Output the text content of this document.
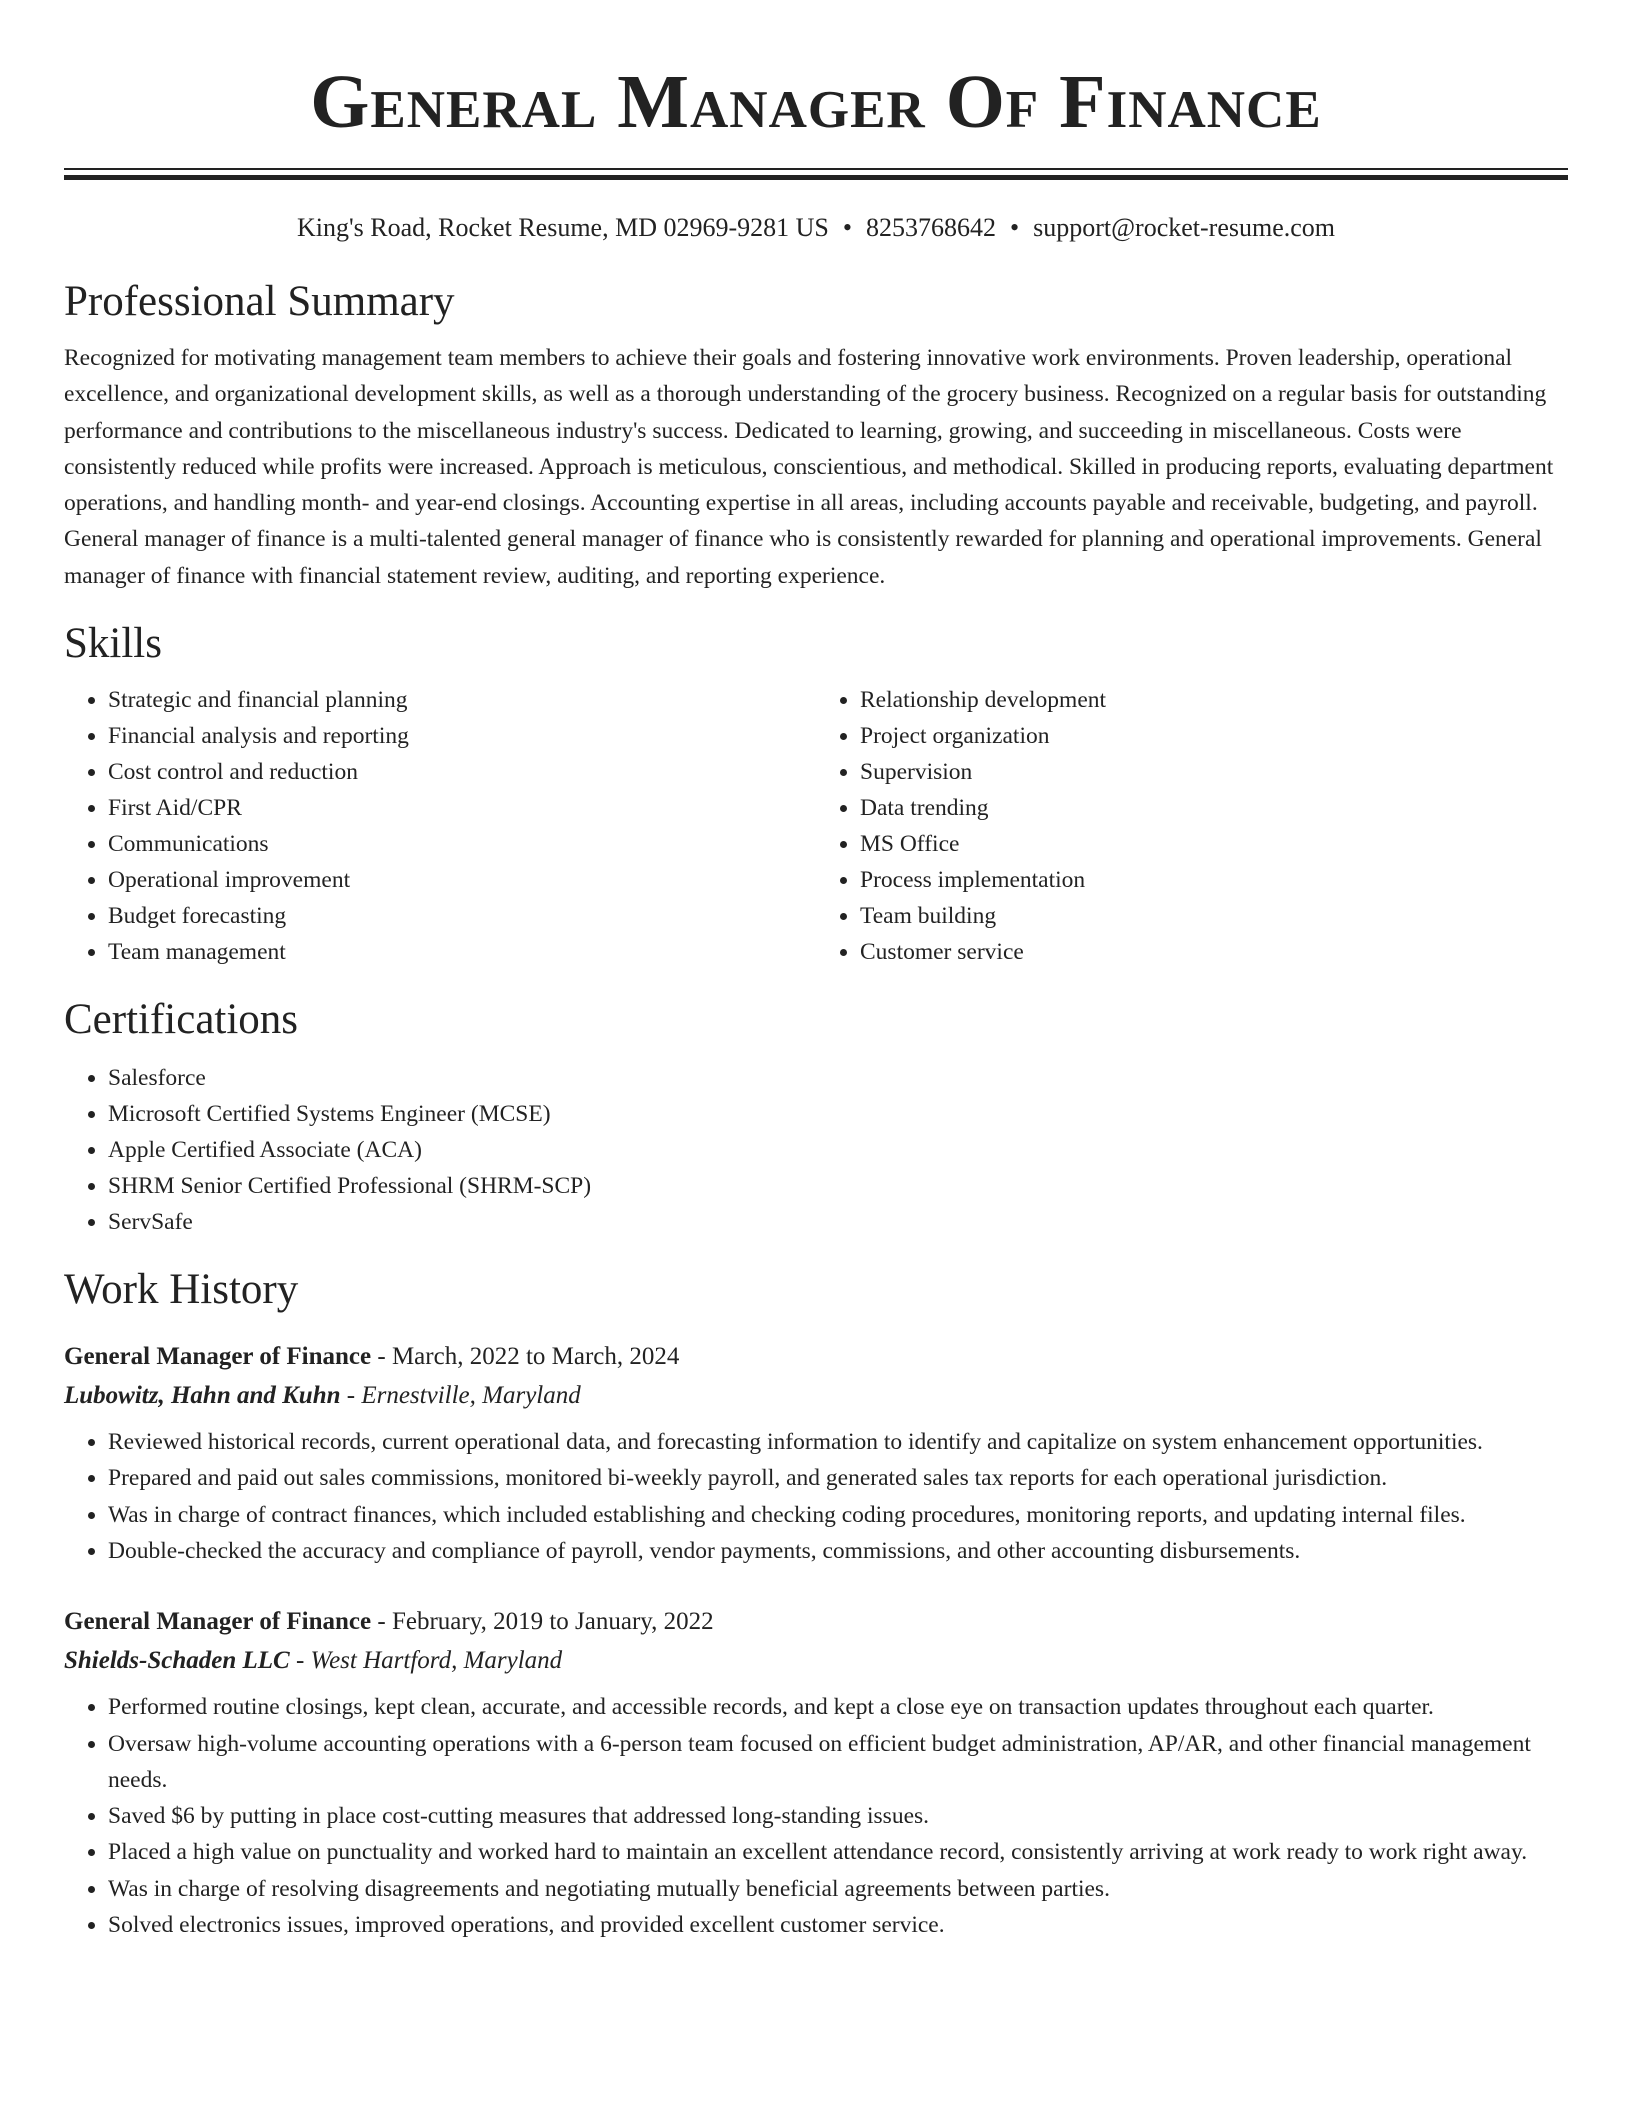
General Manager Of Finance
King's Road, Rocket Resume, MD 02969-9281 US • 8253768642 • support@rocket-resume.com
Professional Summary

Recognized for motivating management team members to achieve their goals and fostering innovative work environments. Proven leadership, operational excellence, and organizational development skills, as well as a thorough understanding of the grocery business. Recognized on a regular basis for outstanding performance and contributions to the miscellaneous industry's success. Dedicated to learning, growing, and succeeding in miscellaneous. Costs were consistently reduced while profits were increased. Approach is meticulous, conscientious, and methodical. Skilled in producing reports, evaluating department operations, and handling month- and year-end closings. Accounting expertise in all areas, including accounts payable and receivable, budgeting, and payroll. General manager of finance is a multi-talented general manager of finance who is consistently rewarded for planning and operational improvements. General manager of finance with financial statement review, auditing, and reporting experience.

Skills
• Strategic and financial planning
• Financial analysis and reporting
• Cost control and reduction
• First Aid/CPR
• Communications
• Operational improvement
• Budget forecasting
• Team management
• Relationship development
• Project organization
• Supervision
• Data trending
• MS Office
• Process implementation
• Team building
• Customer service
Certifications
• Salesforce
• Microsoft Certified Systems Engineer (MCSE)
• Apple Certified Associate (ACA)
• SHRM Senior Certified Professional (SHRM-SCP)
• ServSafe
Work History
General Manager of Finance - March, 2022 to March, 2024
Lubowitz, Hahn and Kuhn - Ernestville, Maryland
• Reviewed historical records, current operational data, and forecasting information to identify and capitalize on system enhancement opportunities.
• Prepared and paid out sales commissions, monitored bi-weekly payroll, and generated sales tax reports for each operational jurisdiction.
• Was in charge of contract finances, which included establishing and checking coding procedures, monitoring reports, and updating internal files.
• Double-checked the accuracy and compliance of payroll, vendor payments, commissions, and other accounting disbursements.
General Manager of Finance - February, 2019 to January, 2022
Shields-Schaden LLC - West Hartford, Maryland
• Performed routine closings, kept clean, accurate, and accessible records, and kept a close eye on transaction updates throughout each quarter.
• Oversaw high-volume accounting operations with a 6-person team focused on efficient budget administration, AP/AR, and other financial management needs.
• Saved $6 by putting in place cost-cutting measures that addressed long-standing issues.
• Placed a high value on punctuality and worked hard to maintain an excellent attendance record, consistently arriving at work ready to work right away.
• Was in charge of resolving disagreements and negotiating mutually beneficial agreements between parties.
• Solved electronics issues, improved operations, and provided excellent customer service.
